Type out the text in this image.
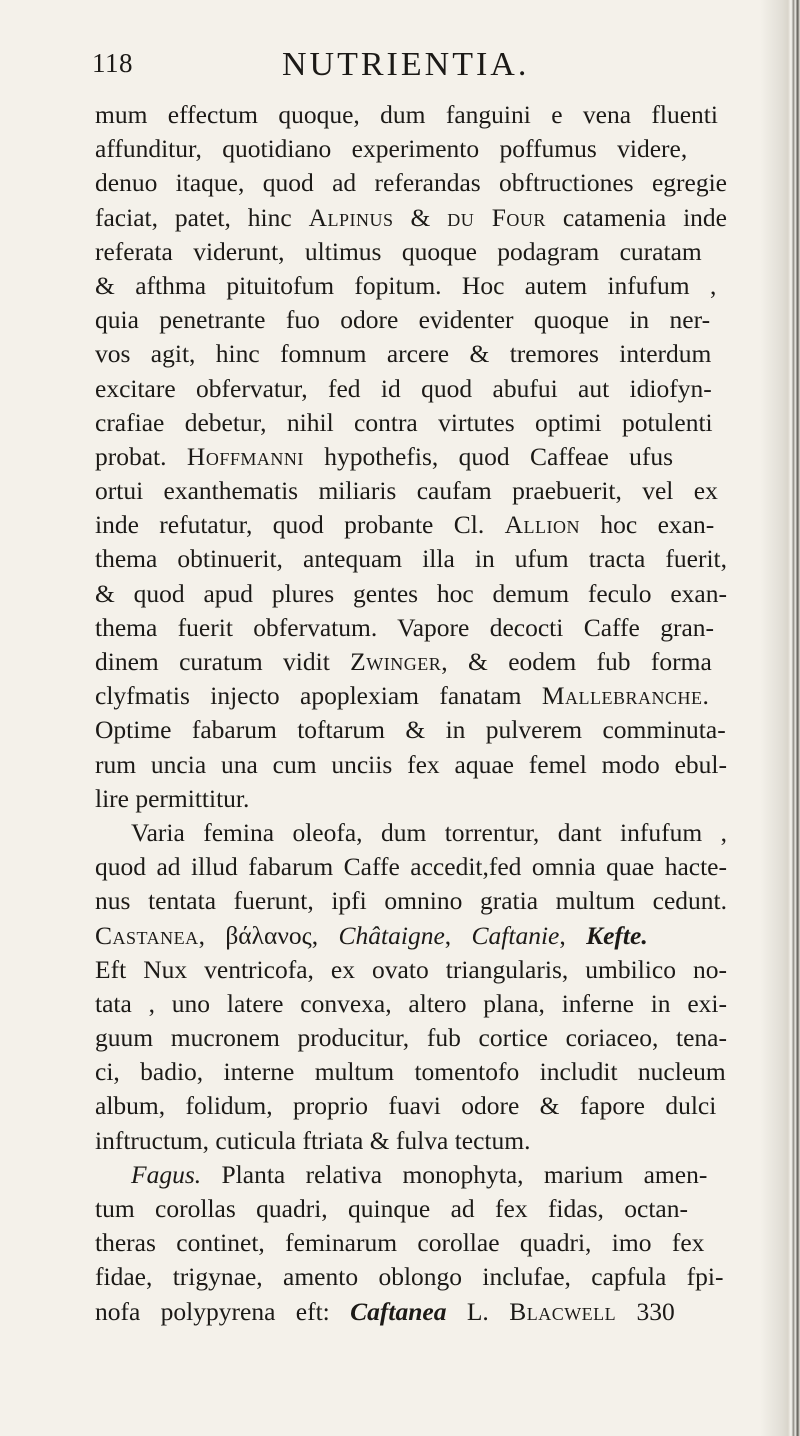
118	NUTRIENTIA.
mum effectum quoque, dum fanguini e vena fluenti
affunditur, quotidiano experimento poffumus videre,
denuo itaque, quod ad referandas obftructiones egregie
faciat, patet, hinc Alpinus & du Four catamenia inde
referata viderunt, ultimus quoque podagram curatam
& afthma pituitofum fopitum. Hoc autem infufum ,
quia penetrante fuo odore evidenter quoque in ner-
vos agit, hinc fomnum arcere & tremores interdum
excitare obfervatur, fed id quod abufui aut idiofyn-
crafiae debetur, nihil contra virtutes optimi potulenti
probat. Hoffmanni hypothefis, quod Caffeae ufus
ortui exanthematis miliaris caufam praebuerit, vel ex
inde refutatur, quod probante Cl. Allion hoc exan-
thema obtinuerit, antequam illa in ufum tracta fuerit,
& quod apud plures gentes hoc demum feculo exan-
thema fuerit obfervatum. Vapore decocti Caffe gran-
dinem curatum vidit Zwinger , & eodem fub forma
clyfmatis injecto apoplexiam fanatam Mallebranche.
Optime fabarum toftarum & in pulverem comminuta-
rum uncia una cum unciis fex aquae femel modo ebul-
lire permittitur.
Varia femina oleofa, dum torrentur, dant infufum ,
quod ad illud fabarum Caffe accedit,fed omnia quae hacte-
nus tentata fuerunt, ipfi omnino gratia multum cedunt.
Castanea , βάλανος, Châtaigne , Caftanie , Kefte.
Eft Nux ventricofa, ex ovato triangularis, umbilico no-
tata , uno latere convexa, altero plana, inferne in exi-
guum mucronem producitur, fub cortice coriaceo, tena-
ci, badio, interne multum tomentofo includit nucleum
album, folidum, proprio fuavi odore & fapore dulci
inftructum, cuticula ftriata & fulva tectum.
Fagus. Planta relativa monophyta, marium amen-
tum corollas quadri, quinque ad fex fidas, octan-
theras continet, feminarum corollae quadri, imo fex
fidae, trigynae, amento oblongo inclufae, capfula fpi-
nofa polypyrena eft: Caftanea L. Blacwell 330
